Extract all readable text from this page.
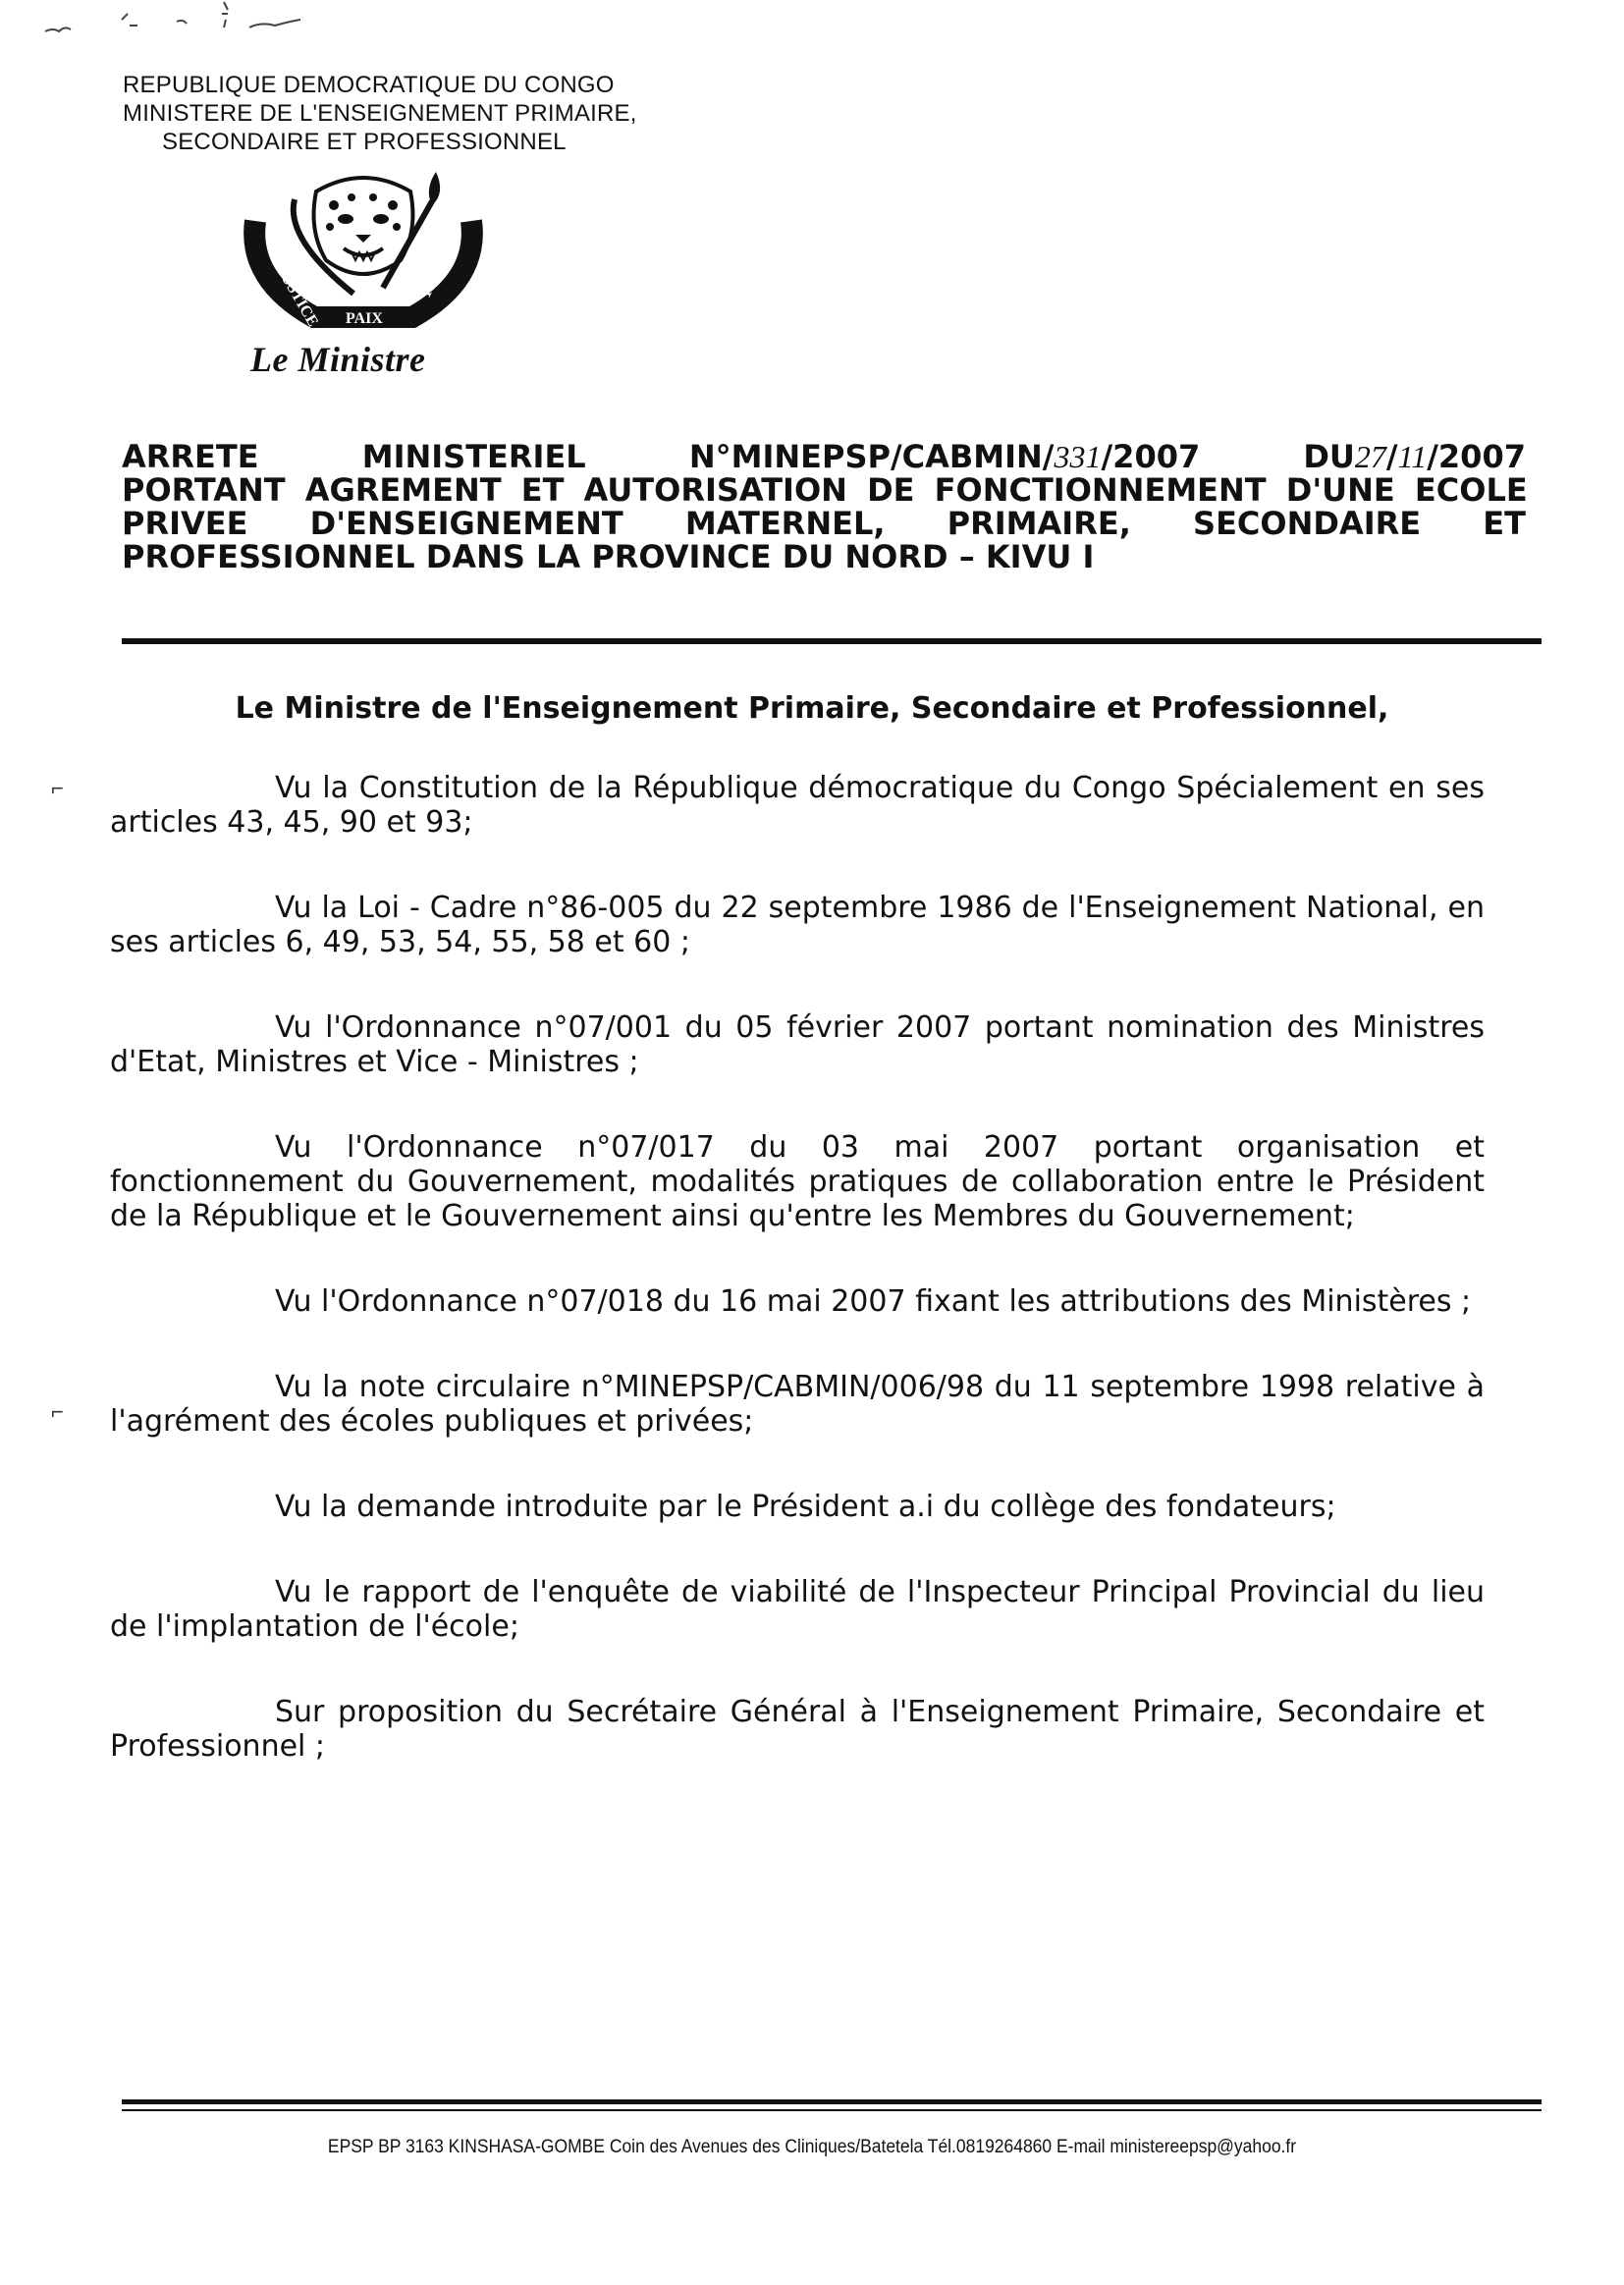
REPUBLIQUE DEMOCRATIQUE DU CONGO
MINISTERE DE L'ENSEIGNEMENT PRIMAIRE,
SECONDAIRE ET PROFESSIONNEL
JUSTICE PAIX
TRAVAIL
Le Ministre
ARRETE	MINISTERIEL	N°MINEPSP/CABMIN/331/2007	DU27/11/2007
PORTANT AGREMENT ET AUTORISATION DE FONCTIONNEMENT D'UNE ECOLE
PRIVEE D'ENSEIGNEMENT MATERNEL, PRIMAIRE, SECONDAIRE ET
PROFESSIONNEL DANS LA PROVINCE DU NORD – KIVU I
Le Ministre de l'Enseignement Primaire, Secondaire et Professionnel,
⌐
⌐

Vu la Constitution de la République démocratique du Congo Spécialement en ses articles 43, 45, 90 et 93;

Vu la Loi - Cadre n°86-005 du 22 septembre 1986 de l'Enseignement National, en ses articles 6, 49, 53, 54, 55, 58 et 60 ;

Vu l'Ordonnance n°07/001 du 05 février 2007 portant nomination des Ministres d'Etat, Ministres et Vice - Ministres ;

Vu l'Ordonnance n°07/017 du 03 mai 2007 portant organisation et fonctionnement du Gouvernement, modalités pratiques de collaboration entre le Président de la République et le Gouvernement ainsi qu'entre les Membres du Gouvernement;

Vu l'Ordonnance n°07/018 du 16 mai 2007 fixant les attributions des Ministères ;

Vu la note circulaire n°MINEPSP/CABMIN/006/98 du 11 septembre 1998 relative à l'agrément des écoles publiques et privées;

Vu la demande introduite par le Président a.i du collège des fondateurs;

Vu le rapport de l'enquête de viabilité de l'Inspecteur Principal Provincial du lieu de l'implantation de l'école;

Sur proposition du Secrétaire Général à l'Enseignement Primaire, Secondaire et Professionnel ;

EPSP BP 3163 KINSHASA-GOMBE Coin des Avenues des Cliniques/Batetela Tél.0819264860 E-mail ministereepsp@yahoo.fr
